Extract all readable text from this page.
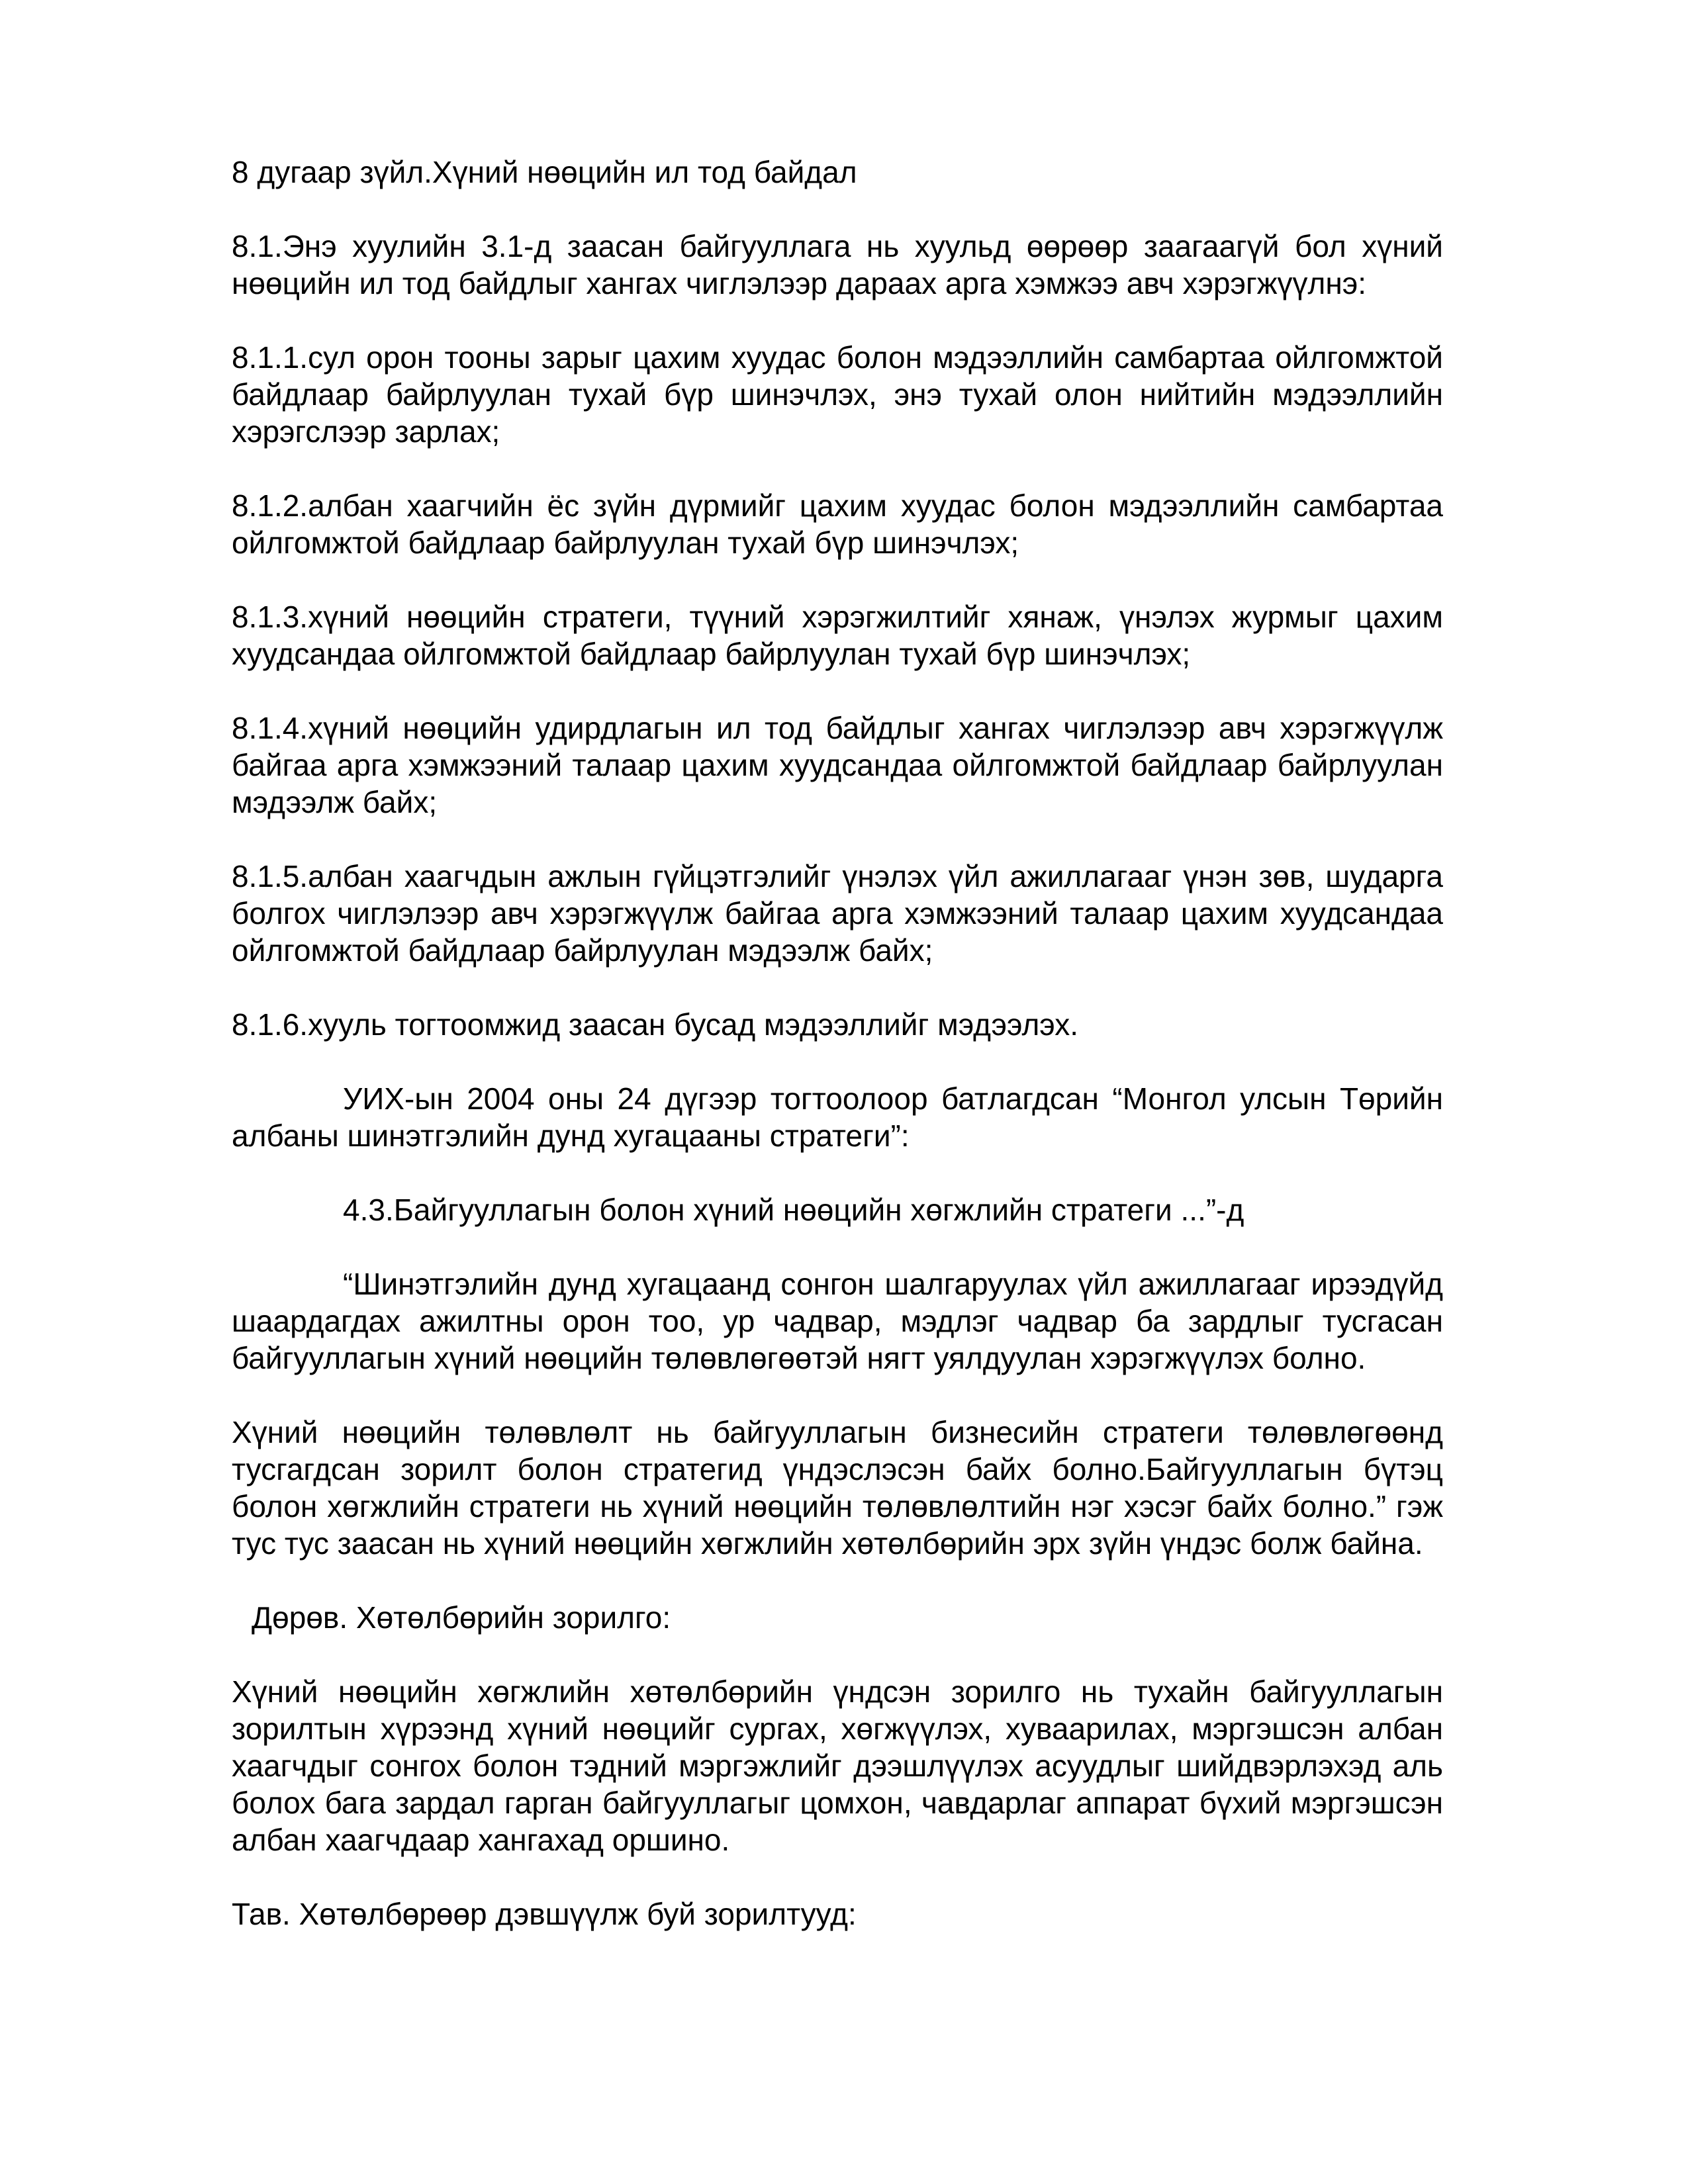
8 дугаар зүйл.Хүний нөөцийн ил тод байдал

8.1.Энэ хуулийн 3.1-д заасан байгууллага нь хуульд өөрөөр заагаагүй бол хүний нөөцийн ил тод байдлыг хангах чиглэлээр дараах арга хэмжээ авч хэрэгжүүлнэ:

8.1.1.сул орон тооны зарыг цахим хуудас болон мэдээллийн самбартаа ойлгомжтой байдлаар байрлуулан тухай бүр шинэчлэх, энэ тухай олон нийтийн мэдээллийн хэрэгслээр зарлах;

8.1.2.албан хаагчийн ёс зүйн дүрмийг цахим хуудас болон мэдээллийн самбартаа ойлгомжтой байдлаар байрлуулан тухай бүр шинэчлэх;

8.1.3.хүний нөөцийн стратеги, түүний хэрэгжилтийг хянаж, үнэлэх журмыг цахим хуудсандаа ойлгомжтой байдлаар байрлуулан тухай бүр шинэчлэх;

8.1.4.хүний нөөцийн удирдлагын ил тод байдлыг хангах чиглэлээр авч хэрэгжүүлж байгаа арга хэмжээний талаар цахим хуудсандаа ойлгомжтой байдлаар байрлуулан мэдээлж байх;

8.1.5.албан хаагчдын ажлын гүйцэтгэлийг үнэлэх үйл ажиллагааг үнэн зөв, шударга болгох чиглэлээр авч хэрэгжүүлж байгаа арга хэмжээний талаар цахим хуудсандаа ойлгомжтой байдлаар байрлуулан мэдээлж байх;

8.1.6.хууль тогтоомжид заасан бусад мэдээллийг мэдээлэх.

УИХ-ын 2004 оны 24 дүгээр тогтоолоор батлагдсан “Монгол улсын Төрийн албаны шинэтгэлийн дунд хугацааны стратеги”:

4.3.Байгууллагын болон хүний нөөцийн хөгжлийн стратеги ...”-д

“Шинэтгэлийн дунд хугацаанд сонгон шалгаруулах үйл ажиллагааг ирээдүйд шаардагдах ажилтны орон тоо, ур чадвар, мэдлэг чадвар ба зардлыг тусгасан байгууллагын хүний нөөцийн төлөвлөгөөтэй нягт уялдуулан хэрэгжүүлэх болно.

Хүний нөөцийн төлөвлөлт нь байгууллагын бизнесийн стратеги төлөвлөгөөнд тусгагдсан зорилт болон стратегид үндэслэсэн байх болно.Байгууллагын бүтэц болон хөгжлийн стратеги нь хүний нөөцийн төлөвлөлтийн нэг хэсэг байх болно.” гэж тус тус заасан нь хүний нөөцийн хөгжлийн хөтөлбөрийн эрх зүйн үндэс болж байна.

Дөрөв. Хөтөлбөрийн зорилго:

Хүний нөөцийн хөгжлийн хөтөлбөрийн үндсэн зорилго нь тухайн байгууллагын зорилтын хүрээнд хүний нөөцийг сургах, хөгжүүлэх, хуваарилах, мэргэшсэн албан хаагчдыг сонгох болон тэдний мэргэжлийг дээшлүүлэх асуудлыг шийдвэрлэхэд аль болох бага зардал гарган байгууллагыг цомхон, чавдарлаг аппарат бүхий мэргэшсэн албан хаагчдаар хангахад оршино.

Тав. Хөтөлбөрөөр дэвшүүлж буй зорилтууд:
